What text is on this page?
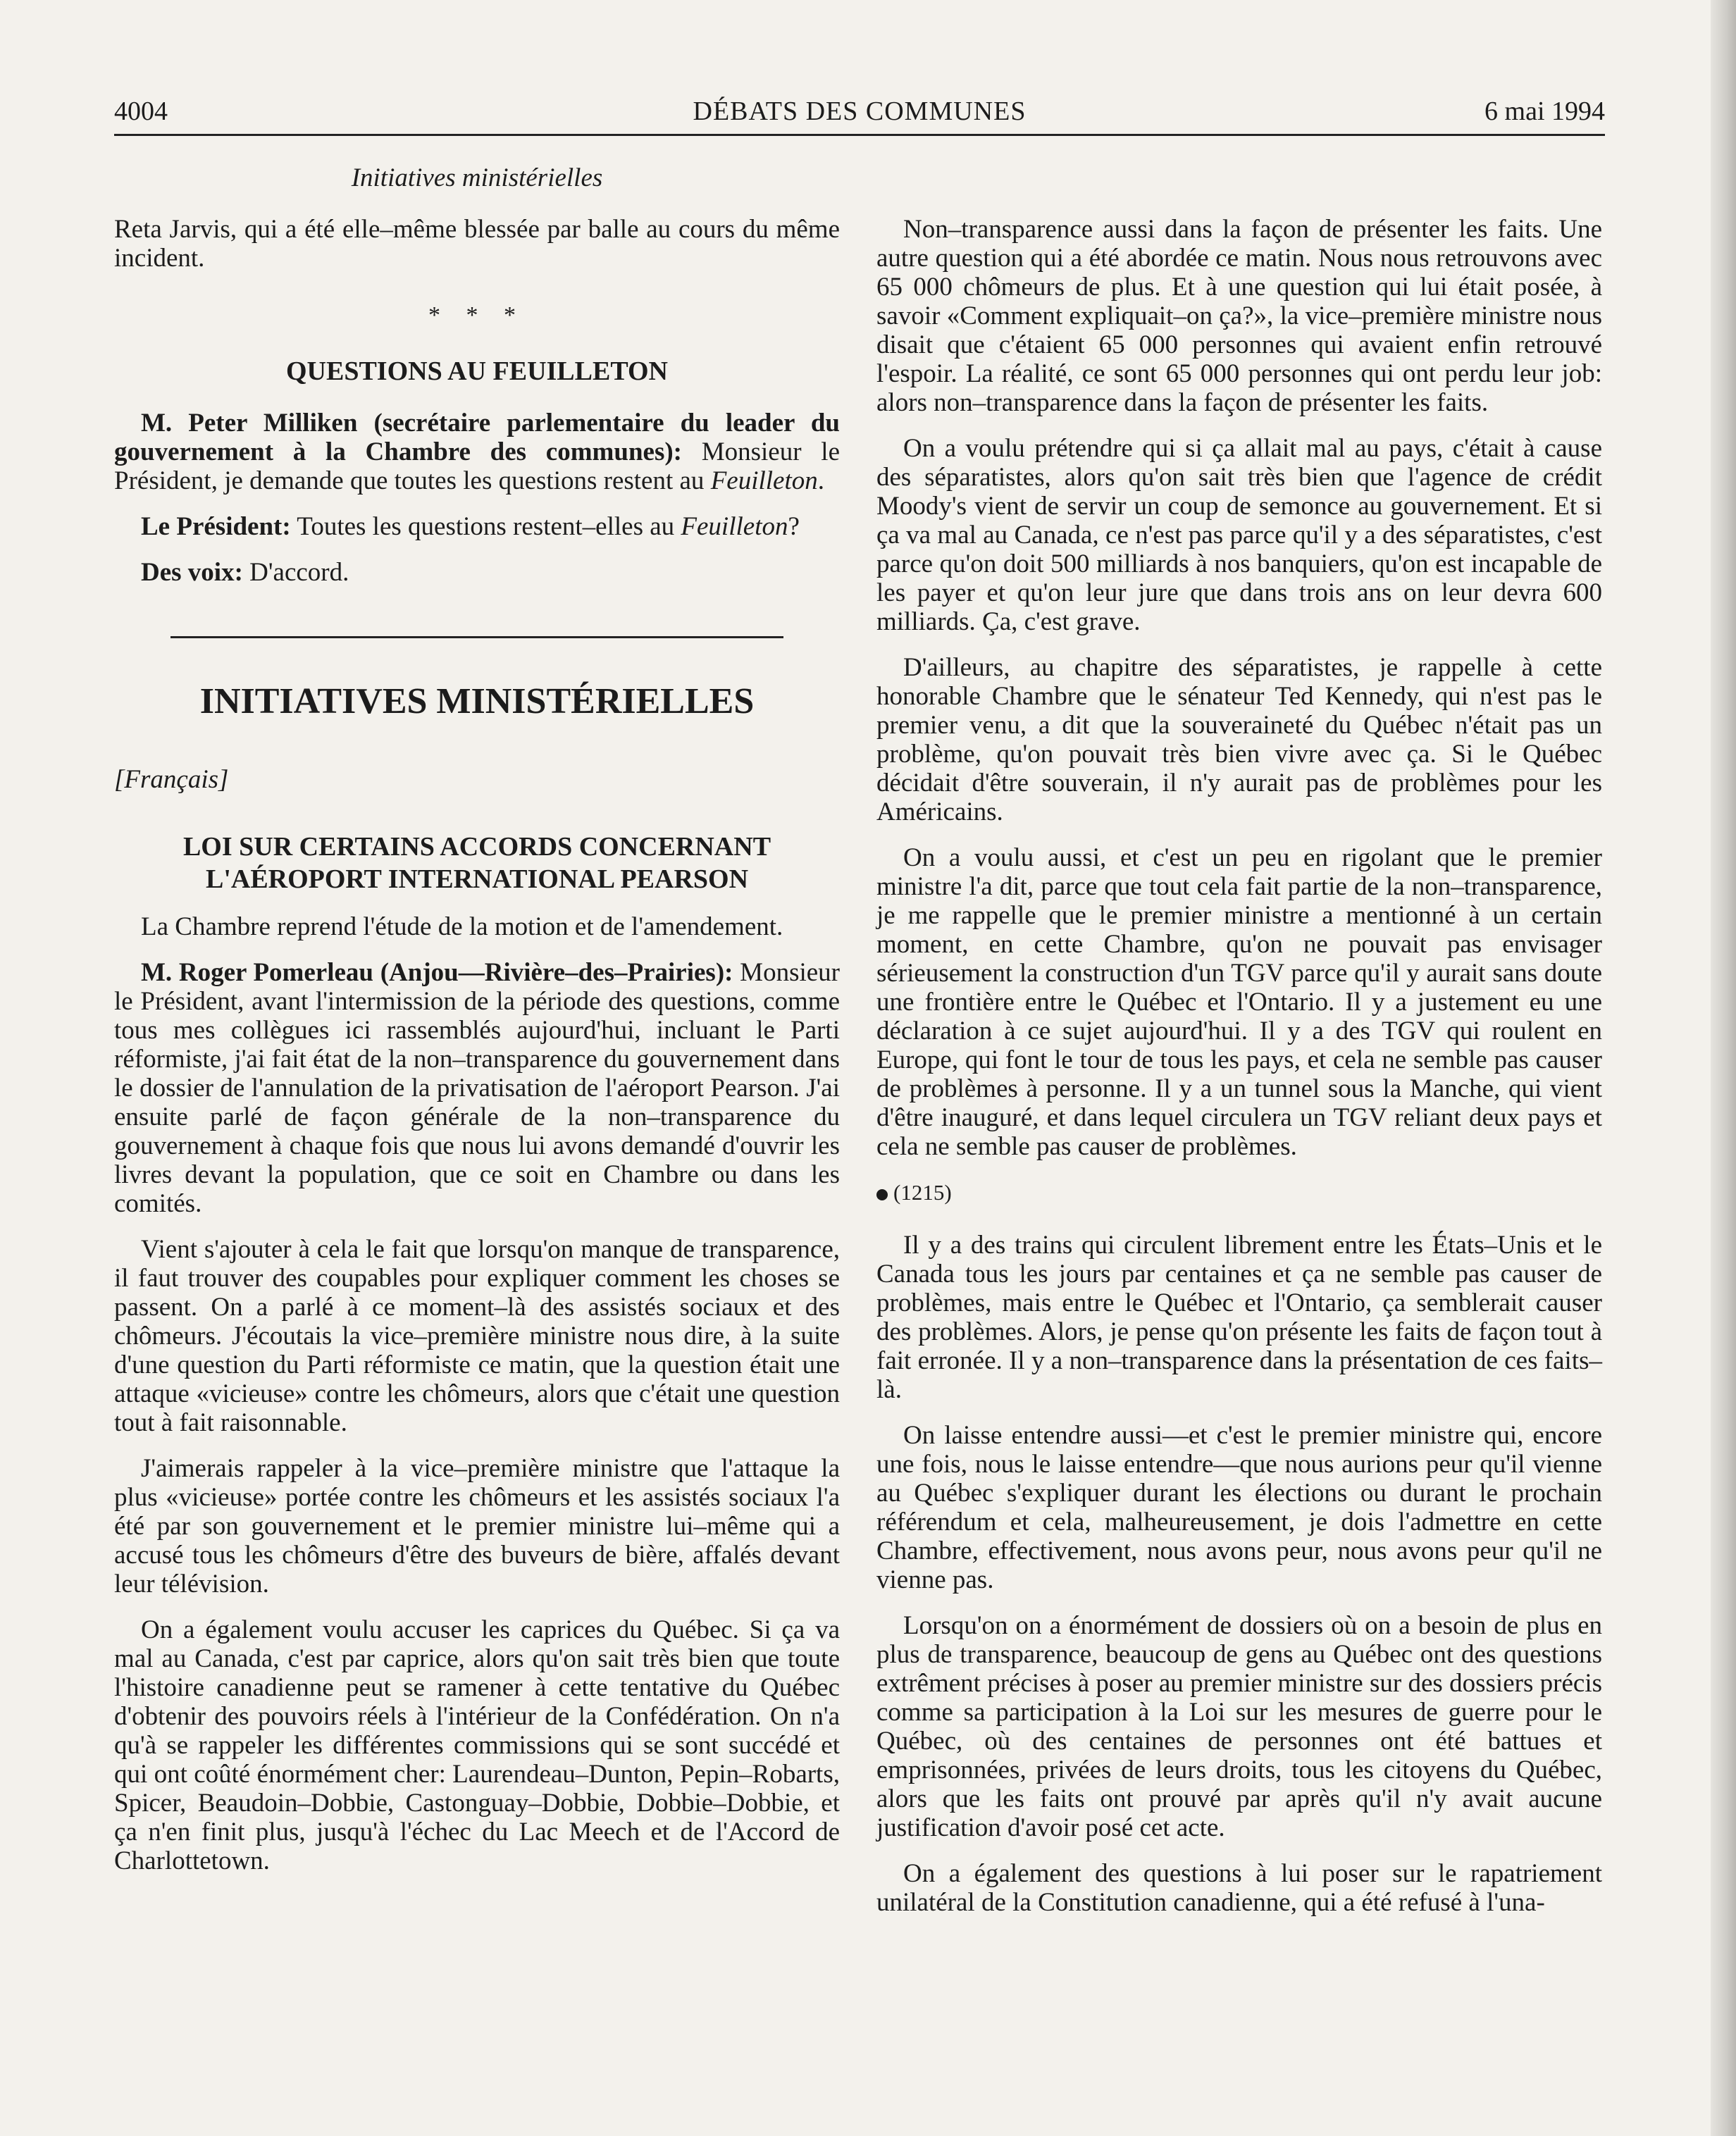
4004	DÉBATS DES COMMUNES	6 mai 1994
Initiatives ministérielles

Reta Jarvis, qui a été elle–même blessée par balle au cours du même incident.

* * *
QUESTIONS AU FEUILLETON

M. Peter Milliken (secrétaire parlementaire du leader du gouvernement à la Chambre des communes): Monsieur le Président, je demande que toutes les questions restent au Feuilleton.

Le Président: Toutes les questions restent–elles au Feuilleton?

Des voix: D'accord.

INITIATIVES MINISTÉRIELLES
[Français]
LOI SUR CERTAINS ACCORDS CONCERNANT
L'AÉROPORT INTERNATIONAL PEARSON

La Chambre reprend l'étude de la motion et de l'amendement.

M. Roger Pomerleau (Anjou—Rivière–des–Prairies): Monsieur le Président, avant l'intermission de la période des questions, comme tous mes collègues ici rassemblés aujourd'hui, incluant le Parti réformiste, j'ai fait état de la non–transparence du gouvernement dans le dossier de l'annulation de la privatisation de l'aéroport Pearson. J'ai ensuite parlé de façon générale de la non–transparence du gouvernement à chaque fois que nous lui avons demandé d'ouvrir les livres devant la population, que ce soit en Chambre ou dans les comités.

Vient s'ajouter à cela le fait que lorsqu'on manque de transparence, il faut trouver des coupables pour expliquer comment les choses se passent. On a parlé à ce moment–là des assistés sociaux et des chômeurs. J'écoutais la vice–première ministre nous dire, à la suite d'une question du Parti réformiste ce matin, que la question était une attaque «vicieuse» contre les chômeurs, alors que c'était une question tout à fait raisonnable.

J'aimerais rappeler à la vice–première ministre que l'attaque la plus «vicieuse» portée contre les chômeurs et les assistés sociaux l'a été par son gouvernement et le premier ministre lui–même qui a accusé tous les chômeurs d'être des buveurs de bière, affalés devant leur télévision.

On a également voulu accuser les caprices du Québec. Si ça va mal au Canada, c'est par caprice, alors qu'on sait très bien que toute l'histoire canadienne peut se ramener à cette tentative du Québec d'obtenir des pouvoirs réels à l'intérieur de la Confédération. On n'a qu'à se rappeler les différentes commissions qui se sont succédé et qui ont coûté énormément cher: Laurendeau–Dunton, Pepin–Robarts, Spicer, Beaudoin–Dobbie, Castonguay–Dobbie, Dobbie–Dobbie, et ça n'en finit plus, jusqu'à l'échec du Lac Meech et de l'Accord de Charlottetown.

Non–transparence aussi dans la façon de présenter les faits. Une autre question qui a été abordée ce matin. Nous nous retrouvons avec 65 000 chômeurs de plus. Et à une question qui lui était posée, à savoir «Comment expliquait–on ça?», la vice–première ministre nous disait que c'étaient 65 000 personnes qui avaient enfin retrouvé l'espoir. La réalité, ce sont 65 000 personnes qui ont perdu leur job: alors non–transparence dans la façon de présenter les faits.

On a voulu prétendre qui si ça allait mal au pays, c'était à cause des séparatistes, alors qu'on sait très bien que l'agence de crédit Moody's vient de servir un coup de semonce au gouvernement. Et si ça va mal au Canada, ce n'est pas parce qu'il y a des séparatistes, c'est parce qu'on doit 500 milliards à nos banquiers, qu'on est incapable de les payer et qu'on leur jure que dans trois ans on leur devra 600 milliards. Ça, c'est grave.

D'ailleurs, au chapitre des séparatistes, je rappelle à cette honorable Chambre que le sénateur Ted Kennedy, qui n'est pas le premier venu, a dit que la souveraineté du Québec n'était pas un problème, qu'on pouvait très bien vivre avec ça. Si le Québec décidait d'être souverain, il n'y aurait pas de problèmes pour les Américains.

On a voulu aussi, et c'est un peu en rigolant que le premier ministre l'a dit, parce que tout cela fait partie de la non–transparence, je me rappelle que le premier ministre a mentionné à un certain moment, en cette Chambre, qu'on ne pouvait pas envisager sérieusement la construction d'un TGV parce qu'il y aurait sans doute une frontière entre le Québec et l'Ontario. Il y a justement eu une déclaration à ce sujet aujourd'hui. Il y a des TGV qui roulent en Europe, qui font le tour de tous les pays, et cela ne semble pas causer de problèmes à personne. Il y a un tunnel sous la Manche, qui vient d'être inauguré, et dans lequel circulera un TGV reliant deux pays et cela ne semble pas causer de problèmes.

(1215)

Il y a des trains qui circulent librement entre les États–Unis et le Canada tous les jours par centaines et ça ne semble pas causer de problèmes, mais entre le Québec et l'Ontario, ça semblerait causer des problèmes. Alors, je pense qu'on présente les faits de façon tout à fait erronée. Il y a non–transparence dans la présentation de ces faits–là.

On laisse entendre aussi—et c'est le premier ministre qui, encore une fois, nous le laisse entendre—que nous aurions peur qu'il vienne au Québec s'expliquer durant les élections ou durant le prochain référendum et cela, malheureusement, je dois l'admettre en cette Chambre, effectivement, nous avons peur, nous avons peur qu'il ne vienne pas.

Lorsqu'on on a énormément de dossiers où on a besoin de plus en plus de transparence, beaucoup de gens au Québec ont des questions extrêment précises à poser au premier ministre sur des dossiers précis comme sa participation à la Loi sur les mesures de guerre pour le Québec, où des centaines de personnes ont été battues et emprisonnées, privées de leurs droits, tous les citoyens du Québec, alors que les faits ont prouvé par après qu'il n'y avait aucune justification d'avoir posé cet acte.

On a également des questions à lui poser sur le rapatriement unilatéral de la Constitution canadienne, qui a été refusé à l'una-
